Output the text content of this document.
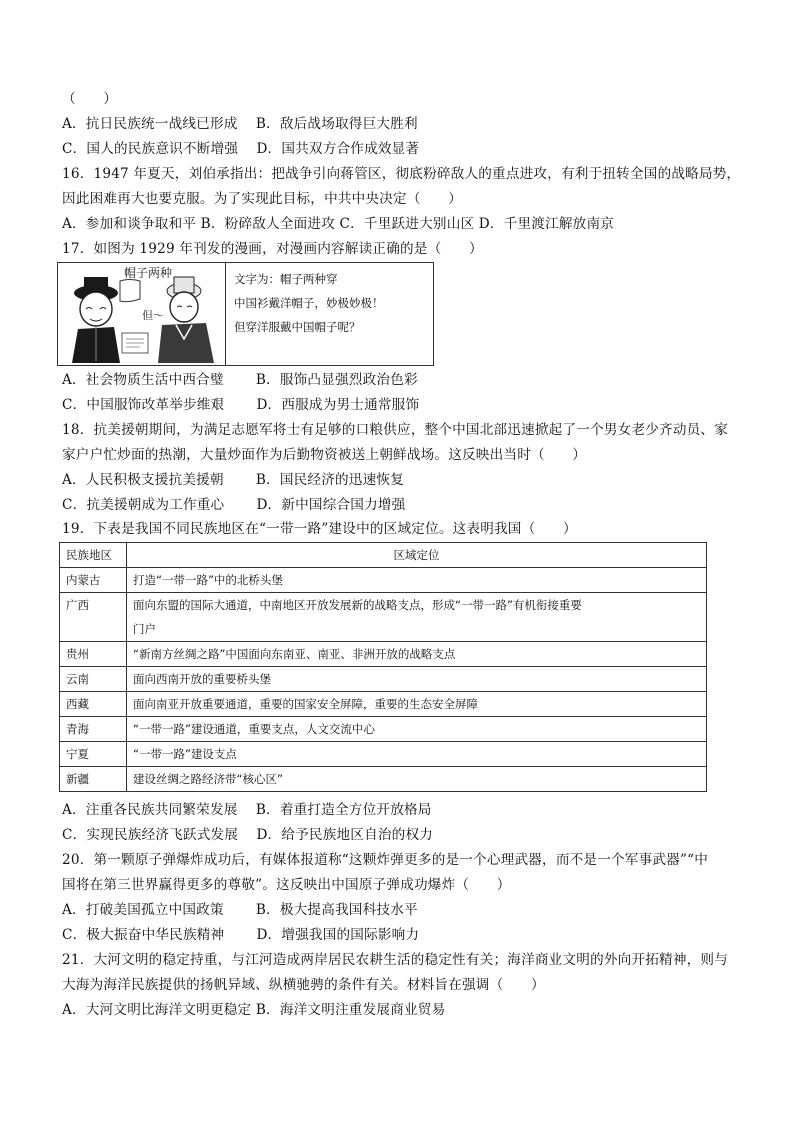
（　　）
A．抗日民族统一战线已形成　 B．敌后战场取得巨大胜利
C．国人的民族意识不断增强　 D．国共双方合作成效显著
16．1947 年夏天，刘伯承指出：把战争引向蒋管区，彻底粉碎敌人的重点进攻，有利于扭转全国的战略局势，
因此困难再大也要克服。为了实现此目标，中共中央决定（　　）
A．参加和谈争取和平 B．粉碎敌人全面进攻 C．千里跃进大别山区 D．千里渡江解放南京
17．如图为 1929 年刊发的漫画，对漫画内容解读正确的是（　　）
帽子两种
但～
文字为：帽子两种穿
中国衫戴洋帽子，妙极妙极！
但穿洋服戴中国帽子呢？
A．社会物质生活中西合璧　　 B．服饰凸显强烈政治色彩
C．中国服饰改革举步维艰　　 D．西服成为男士通常服饰
18．抗美援朝期间，为满足志愿军将士有足够的口粮供应，整个中国北部迅速掀起了一个男女老少齐动员、家
家户户忙炒面的热潮，大量炒面作为后勤物资被送上朝鲜战场。这反映出当时（　　）
A．人民积极支援抗美援朝　　 B．国民经济的迅速恢复
C．抗美援朝成为工作重心　　 D．新中国综合国力增强
19．下表是我国不同民族地区在“一带一路”建设中的区域定位。这表明我国（　　）
民族地区	区域定位
内蒙古	打造“一带一路”中的北桥头堡
广西	面向东盟的国际大通道，中南地区开放发展新的战略支点，形成“一带一路”有机衔接重要
门户

贵州	“新南方丝绸之路”中国面向东南亚、南亚、非洲开放的战略支点
云南	面向西南开放的重要桥头堡
西藏	面向南亚开放重要通道，重要的国家安全屏障，重要的生态安全屏障
青海	“一带一路”建设通道，重要支点，人文交流中心
宁夏	“一带一路”建设支点
新疆	建设丝绸之路经济带“核心区”
A．注重各民族共同繁荣发展　 B．着重打造全方位开放格局
C．实现民族经济飞跃式发展　 D．给予民族地区自治的权力
20．第一颗原子弹爆炸成功后，有媒体报道称“这颗炸弹更多的是一个心理武器，而不是一个军事武器”“中
国将在第三世界赢得更多的尊敬”。这反映出中国原子弹成功爆炸（　　）
A．打破美国孤立中国政策　　 B．极大提高我国科技水平
C．极大振奋中华民族精神　　 D．增强我国的国际影响力
21．大河文明的稳定持重，与江河造成两岸居民农耕生活的稳定性有关；海洋商业文明的外向开拓精神，则与
大海为海洋民族提供的扬帆异域、纵横驰骋的条件有关。材料旨在强调（　　）
A．大河文明比海洋文明更稳定 B．海洋文明注重发展商业贸易
